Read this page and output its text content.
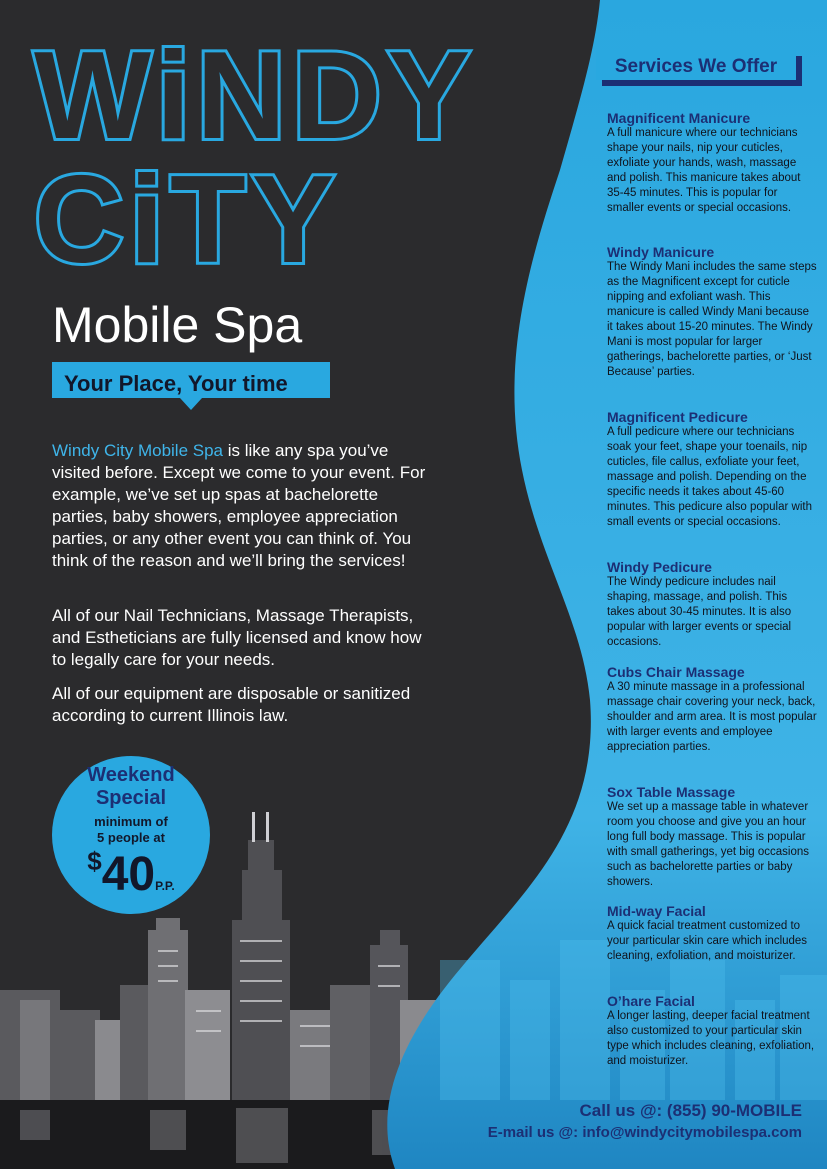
WiNDY
CiTY
Mobile Spa
Your Place, Your time

Windy City Mobile Spa is like any spa you’ve visited before. Except we come to your event. For example, we’ve set up spas at bachelorette parties, baby showers, employee appreciation parties, or any other event you can think of. You think of the reason and we’ll bring the services!

All of our Nail Technicians, Massage Therapists, and Estheticians are fully licensed and know how to legally care for your needs.

All of our equipment are disposable or sanitized according to current Illinois law.

Weekend
Special
minimum of
5 people at
$40P.P.
Services We Offer
Magnificent Manicure
A full manicure where our technicians shape your nails, nip your cuticles, exfoliate your hands, wash, massage and polish. This manicure takes about 35-45 minutes. This is popular for smaller events or special occasions.
Windy Manicure
The Windy Mani includes the same steps as the Magnificent except for cuticle nipping and exfoliant wash. This manicure is called Windy Mani because it takes about 15-20 minutes. The Windy Mani is most popular for larger gatherings, bachelorette parties, or ‘Just Because’ parties.
Magnificent Pedicure
A full pedicure where our technicians soak your feet, shape your toenails, nip cuticles, file callus, exfoliate your feet, massage and polish. Depending on the specific needs it takes about 45-60 minutes. This pedicure also popular with small events or special occasions.
Windy Pedicure
The Windy pedicure includes nail shaping, massage, and polish. This takes about 30-45 minutes. It is also popular with larger events or special occasions.
Cubs Chair Massage
A 30 minute massage in a professional massage chair covering your neck, back, shoulder and arm area. It is most popular with larger events and employee appreciation parties.
Sox Table Massage
We set up a massage table in whatever room you choose and give you an hour long full body massage. This is popular with small gatherings, yet big occasions such as bachelorette parties or baby showers.
Mid-way Facial
A quick facial treatment customized to your particular skin care which includes cleaning, exfoliation, and moisturizer.
O’hare Facial
A longer lasting, deeper facial treatment also customized to your particular skin type which includes cleaning, exfoliation, and moisturizer.
Call us @: (855) 90-MOBILE
E-mail us @: info@windycitymobilespa.com
